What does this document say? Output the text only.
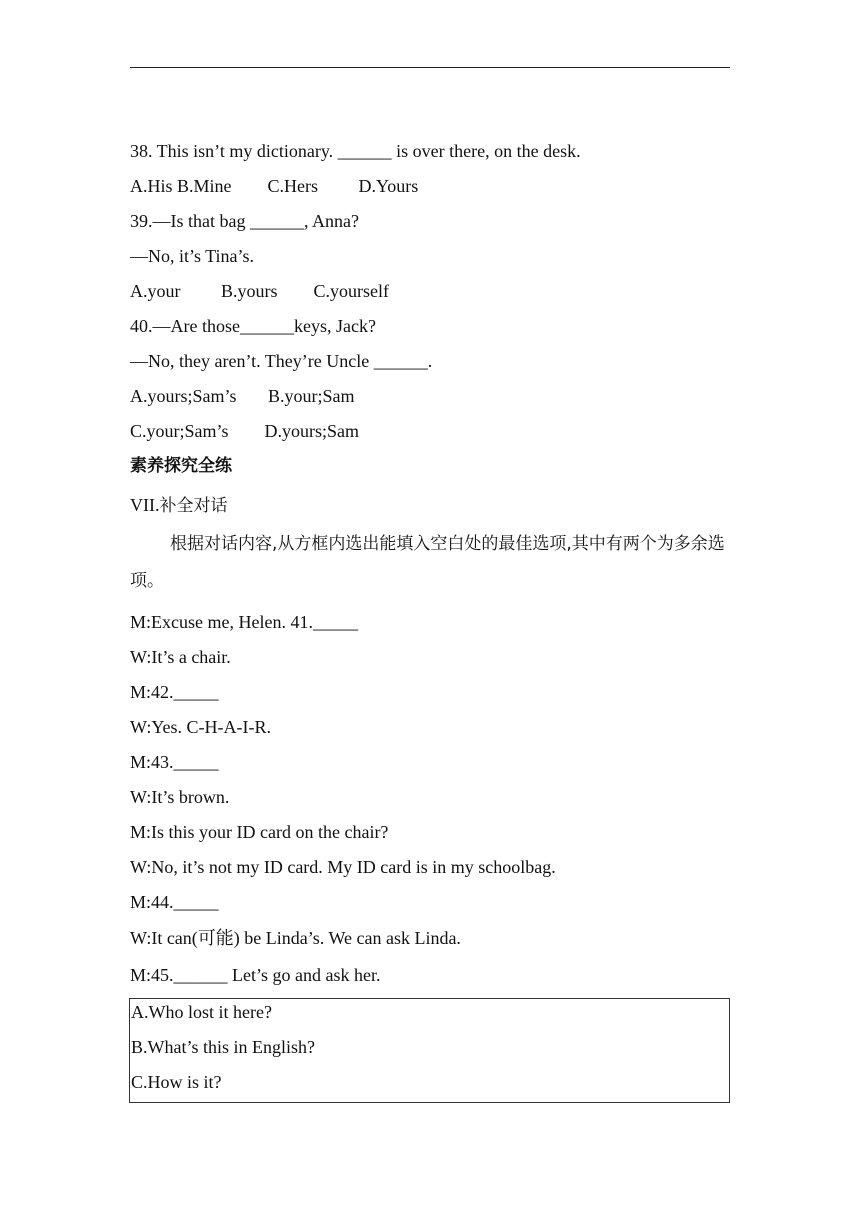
38. This isn’t my dictionary. ______ is over there, on the desk.
A.His B.Mine        C.Hers         D.Yours
39.—Is that bag ______, Anna?
—No, it’s Tina’s.
A.your         B.yours        C.yourself
40.—Are those______keys, Jack?
—No, they aren’t. They’re Uncle ______.
A.yours;Sam’s       B.your;Sam
C.your;Sam’s        D.yours;Sam
素养探究全练
VII.补全对话
根据对话内容,从方框内选出能填入空白处的最佳选项,其中有两个为多余选项。
M:Excuse me, Helen. 41._____
W:It’s a chair.
M:42._____
W:Yes. C-H-A-I-R.
M:43._____
W:It’s brown.
M:Is this your ID card on the chair?
W:No, it’s not my ID card. My ID card is in my schoolbag.
M:44._____
W:It can(可能) be Linda’s. We can ask Linda.
M:45.______ Let’s go and ask her.
A.Who lost it here?
B.What’s this in English?
C.How is it?
